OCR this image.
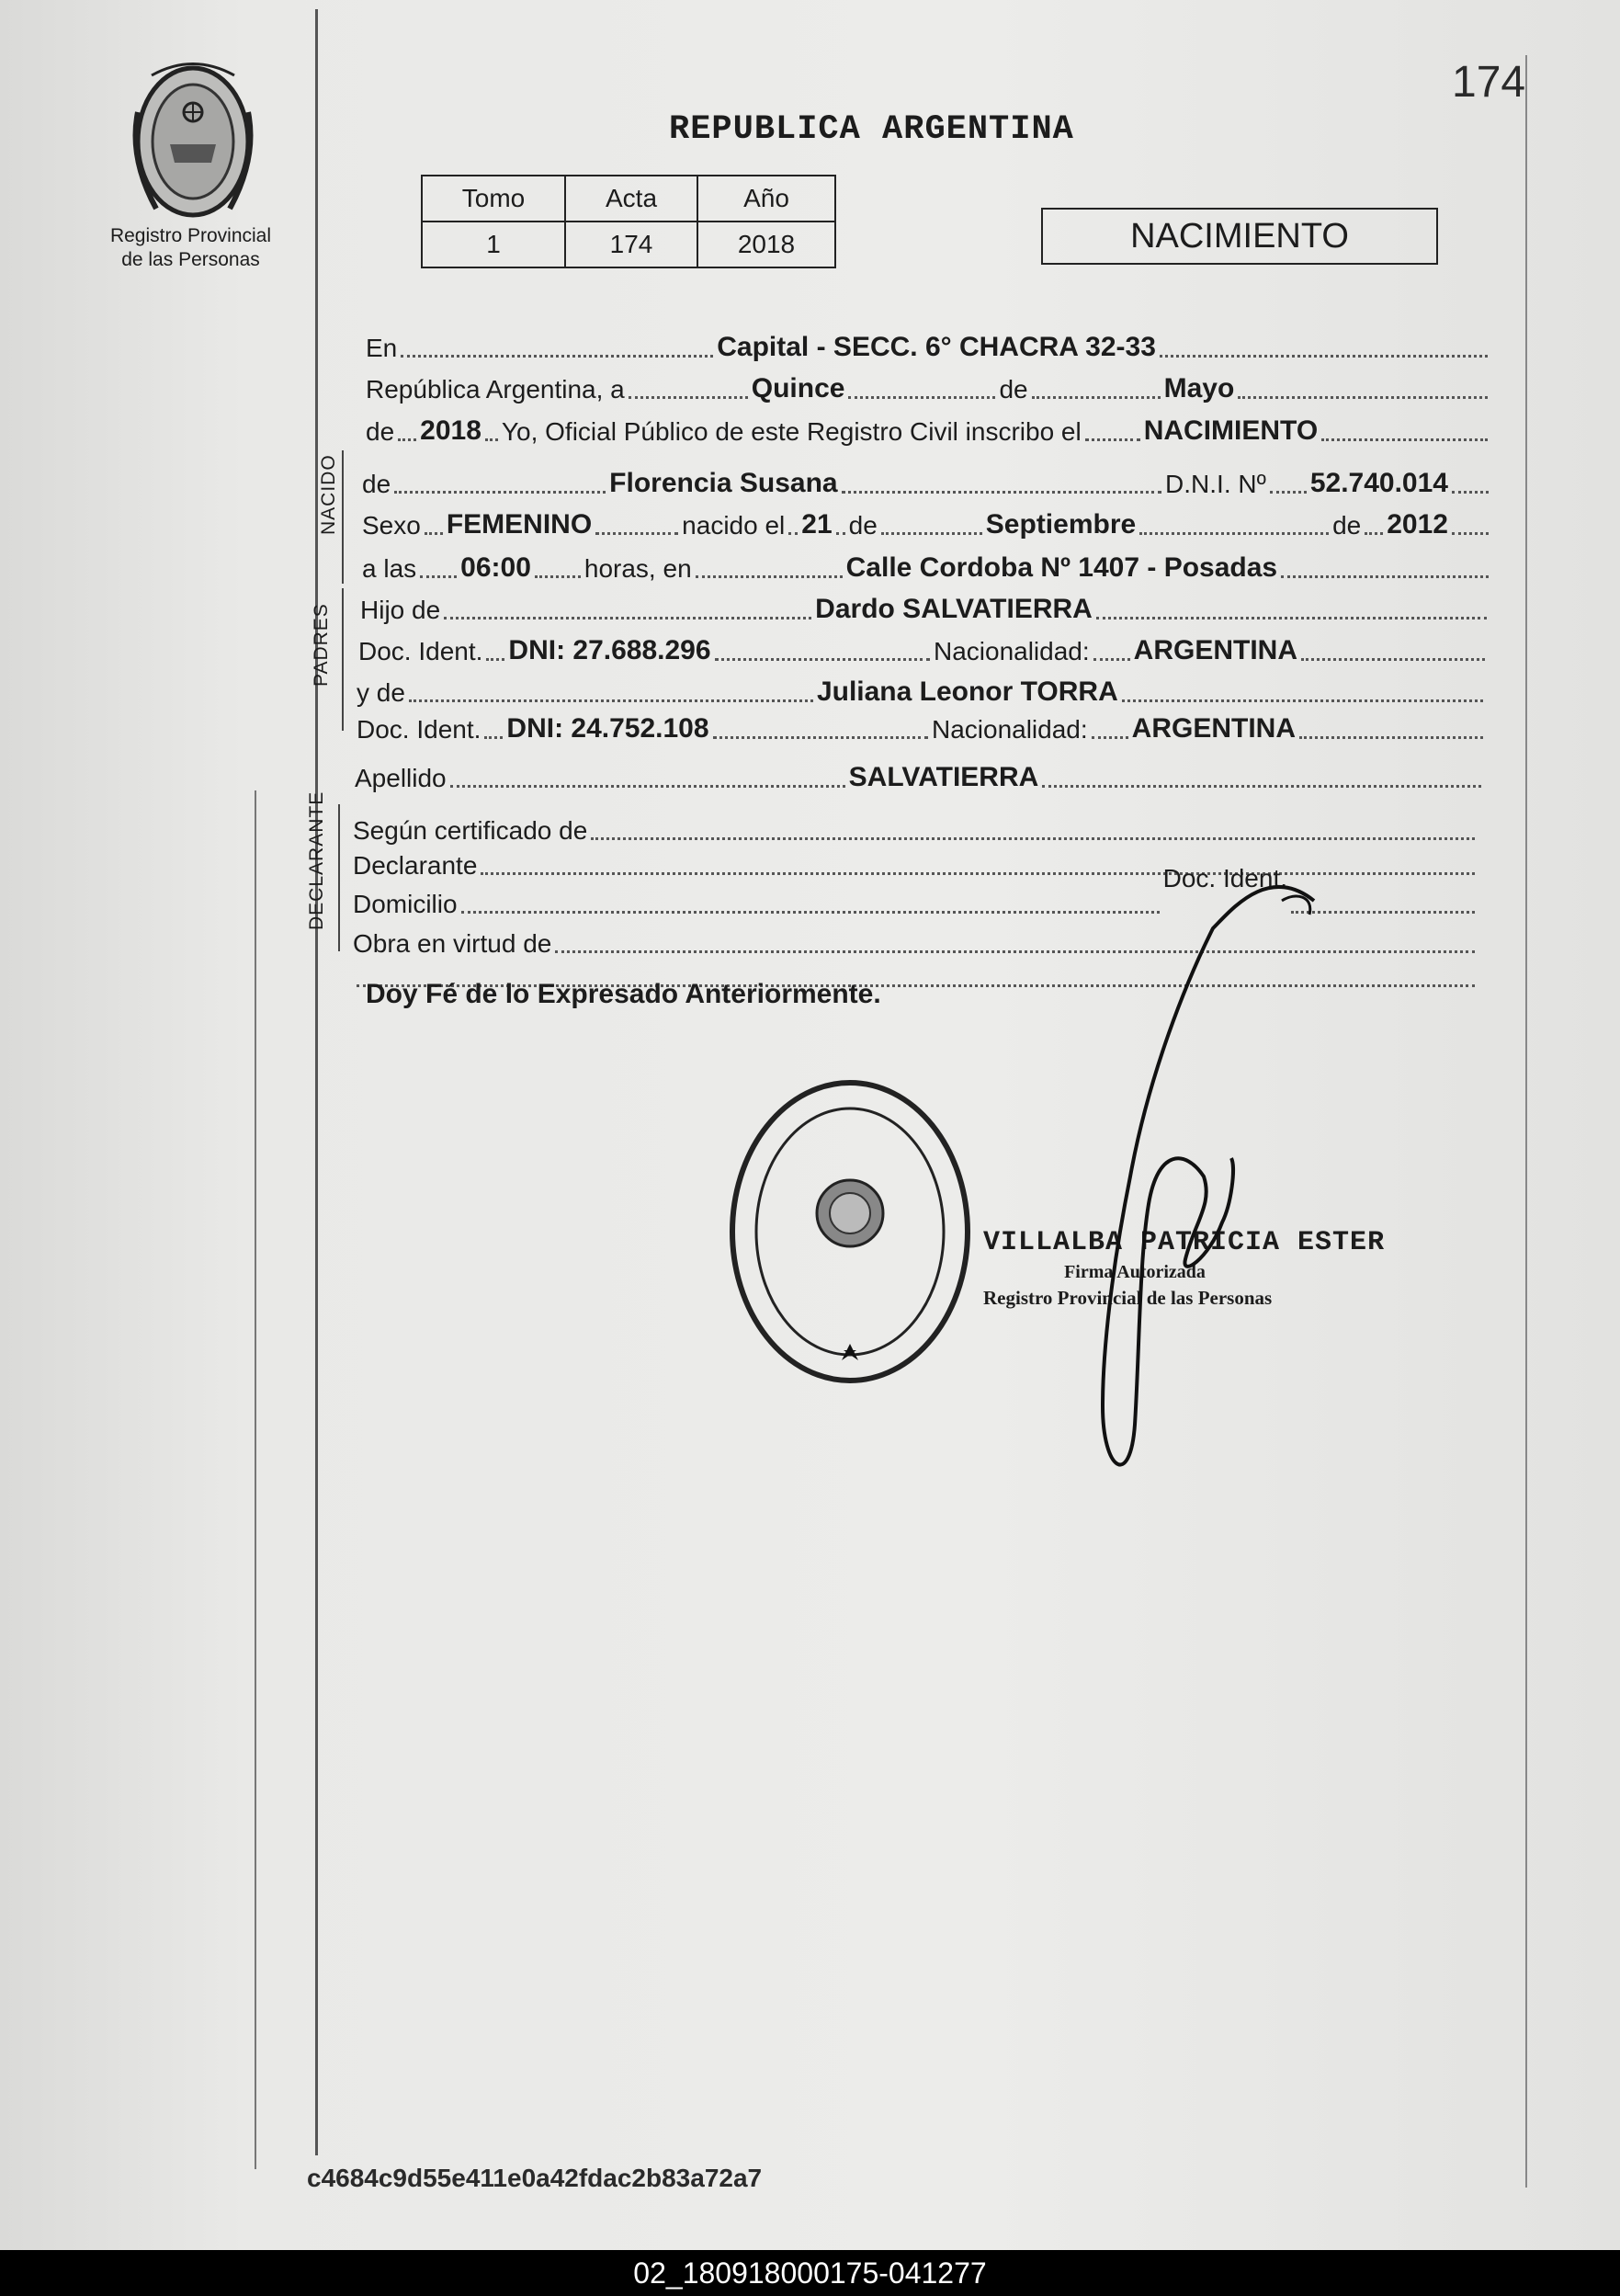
174
Registro Provincial
de las Personas
REPUBLICA ARGENTINA
Tomo	Acta	Año
1	174	2018	NACIMIENTO
En	Capital - SECC. 6° CHACRA 32-33
República Argentina, a	Quince	de	Mayo
de 2018 Yo, Oficial Público de este Registro Civil inscribo el NACIMIENTO
de	Florencia Susana	D.N.I. Nº 52.740.014
Sexo FEMENINO	nacido el 21 de	Septiembre	de 2012
a las 06:00 horas, en	Calle Cordoba Nº 1407 - Posadas
Hijo de	Dardo SALVATIERRA
Doc. Ident. DNI: 27.688.296	Nacionalidad: ARGENTINA
y de	Juliana Leonor TORRA
Doc. Ident. DNI: 24.752.108	Nacionalidad: ARGENTINA
Apellido	SALVATIERRA
Según certificado de
Declarante
Domicilio
Doc. Ident.
Obra en virtud de
NACIDO
PADRES
DECLARANTE
Doy Fé de lo Expresado Anteriormente.
VILLALBA PATRICIA ESTER
Firma Autorizada
Registro Provincial de las Personas
c4684c9d55e411e0a42fdac2b83a72a7
02_180918000175-041277
